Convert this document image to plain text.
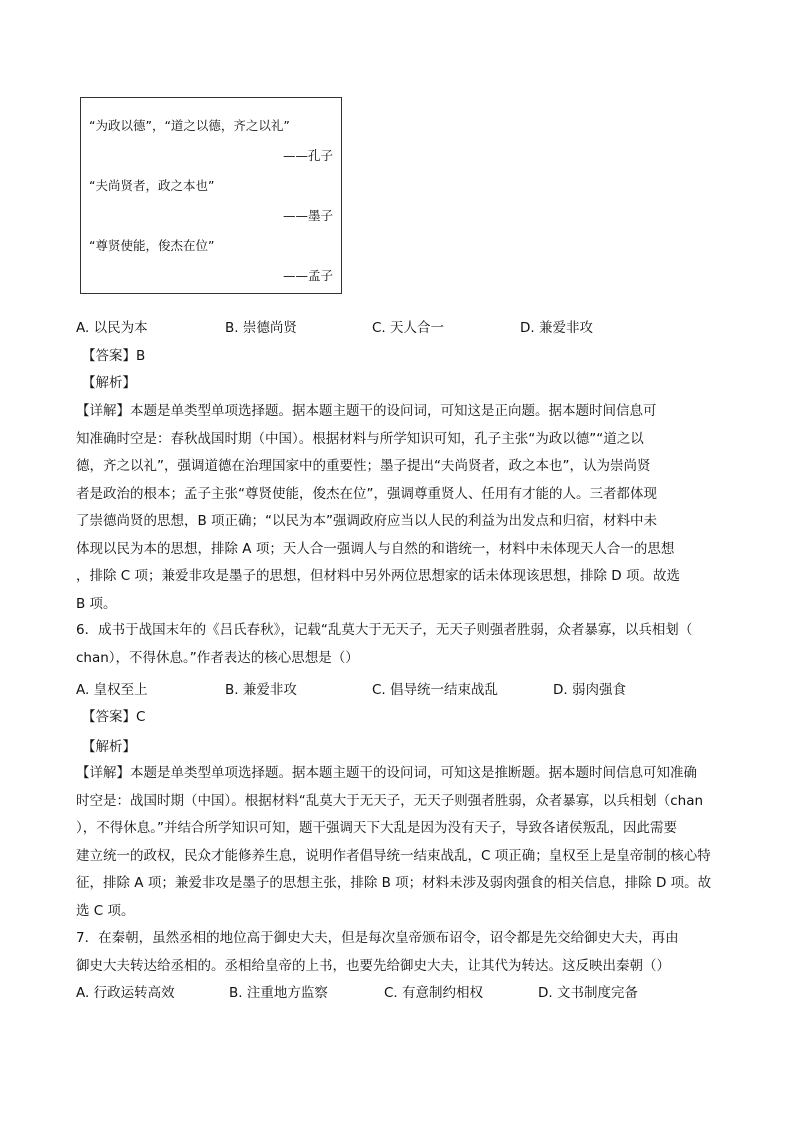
“为政以德”，“道之以德，齐之以礼”
——孔子
“夫尚贤者，政之本也”
——墨子
“尊贤使能，俊杰在位”
——孟子
A. 以民为本	B. 崇德尚贤	C. 天人合一	D. 兼爱非攻
【答案】B
【解析】
【详解】本题是单类型单项选择题。据本题主题干的设问词，可知这是正向题。据本题时间信息可
知准确时空是：春秋战国时期（中国）。根据材料与所学知识可知，孔子主张“为政以德”“道之以
德，齐之以礼”，强调道德在治理国家中的重要性；墨子提出“夫尚贤者，政之本也”，认为崇尚贤
者是政治的根本；孟子主张“尊贤使能，俊杰在位”，强调尊重贤人、任用有才能的人。三者都体现
了崇德尚贤的思想，B 项正确；“以民为本”强调政府应当以人民的利益为出发点和归宿，材料中未
体现以民为本的思想，排除 A 项；天人合一强调人与自然的和谐统一，材料中未体现天人合一的思想
，排除 C 项；兼爱非攻是墨子的思想，但材料中另外两位思想家的话未体现该思想，排除 D 项。故选
B 项。
6．成书于战国末年的《吕氏春秋》，记载“乱莫大于无天子，无天子则强者胜弱，众者暴寡，以兵相刬（
chan），不得休息。”作者表达的核心思想是（）
A. 皇权至上	B. 兼爱非攻	C. 倡导统一结束战乱	D. 弱肉强食
【答案】C
【解析】
【详解】本题是单类型单项选择题。据本题主题干的设问词，可知这是推断题。据本题时间信息可知准确
时空是：战国时期（中国）。根据材料“乱莫大于无天子，无天子则强者胜弱，众者暴寡，以兵相刬（chan
），不得休息。”并结合所学知识可知，题干强调天下大乱是因为没有天子，导致各诸侯叛乱，因此需要
建立统一的政权，民众才能修养生息，说明作者倡导统一结束战乱，C 项正确；皇权至上是皇帝制的核心特
征，排除 A 项；兼爱非攻是墨子的思想主张，排除 B 项；材料未涉及弱肉强食的相关信息，排除 D 项。故
选 C 项。
7．在秦朝，虽然丞相的地位高于御史大夫，但是每次皇帝颁布诏令，诏令都是先交给御史大夫，再由
御史大夫转达给丞相的。丞相给皇帝的上书，也要先给御史大夫，让其代为转达。这反映出秦朝（）
A. 行政运转高效	B. 注重地方监察	C. 有意制约相权	D. 文书制度完备
